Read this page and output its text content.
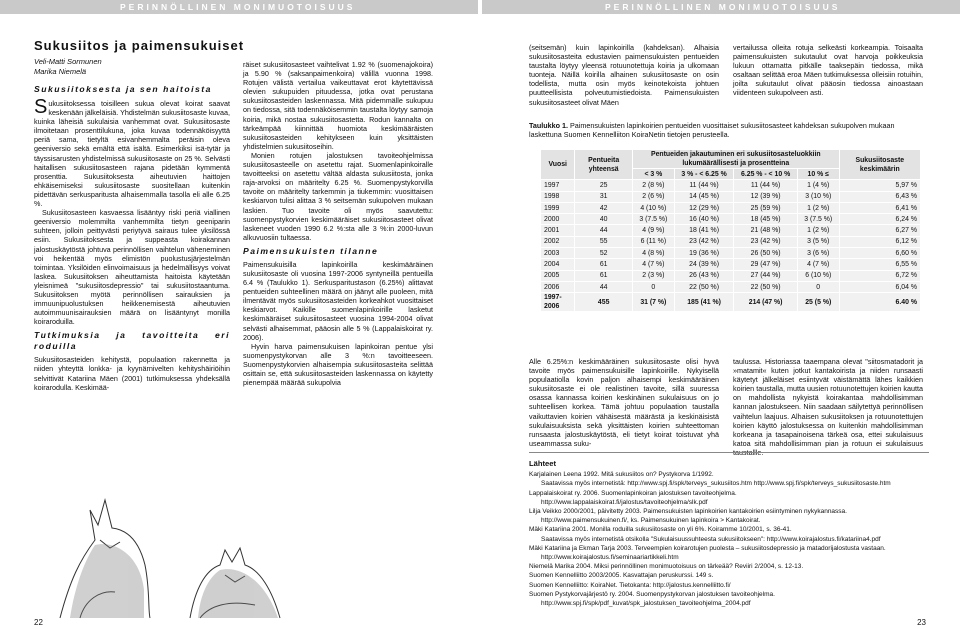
PERINNÖLLINEN MONIMUOTOISUUS	PERINNÖLLINEN MONIMUOTOISUUS
Sukusiitos ja paimensukuiset
Veli-Matti Sormunen
Marika Niemelä

Sukusiitoksesta ja sen haitoista

Sukusiitoksessa toisilleen sukua olevat koirat saavat keskenään jälkeläisiä. Yhdistelmän sukusiitosaste kuvaa, kuinka läheisiä sukulaisia vanhemmat ovat. Sukusiitosaste ilmoitetaan prosenttilukuna, joka kuvaa todennäköisyyttä periä sama, tietyltä esivanhemmalta peräisin oleva geeniversio sekä emältä että isältä. Esimerkiksi isä-tytär ja täyssisarusten yhdistelmissä sukusiitosaste on 25 %. Selvästi haitallisen sukusiitosasteen rajana pidetään kymmentä prosenttia. Sukusiitoksesta aiheutuvien haittojen ehkäisemiseksi sukusiitosaste suositellaan kuitenkin pidettävän serkusparitusta alhaisemmalla tasolla eli alle 6.25 %.

Sukusiitosasteen kasvaessa lisääntyy riski periä viallinen geeniversio molemmilta vanhemmilta tietyn geeniparin suhteen, jolloin peittyvästi periytyvä sairaus tulee yksilössä esiin. Sukusiitoksesta ja suppeasta koirakannan jalostuskäytöstä johtuva perinnöllisen vaihtelun väheneminen voi heikentää myös elimistön puolustusjärjestelmän toimintaa. Yksilöiden elinvoimaisuus ja hedelmällisyys voivat laskea. Sukusiitoksen aiheuttamista haitoista käytetään yleisnimeä "sukusiitosdepressio" tai sukusiitostaantuma. Sukusiitoksen myötä perinnöllisen sairauksien ja immuunipuolustuksen heikkenemisestä aiheutuvien autoimmuunisairauksien määrä on lisääntynyt monilla koiraroduilla.

Tutkimuksia ja tavoitteita eri roduilla

Sukusiitosasteiden kehitystä, populaation rakennetta ja niiden yhteyttä lonkka- ja kyynärnivelten kehityshäiriöihin selvittivät Katariina Mäen (2001) tutkimuksessa yhdeksällä koirarodulla. Keskimää-

räiset sukusiitosasteet vaihtelivat 1.92 % (suomenajokoira) ja 5.90 % (saksanpaimenkoira) välillä vuonna 1998. Rotujen välistä vertailua vaikeuttavat erot käytettävissä olevien sukupuiden pituudessa, jotka ovat perustana sukusiitosasteiden laskennassa. Mitä pidemmälle sukupuu on tiedossa, sitä todennäköisemmin taustalta löytyy samoja koiria, mikä nostaa sukusiitosastetta. Rodun kannalta on tärkeämpää kiinnittää huomiota keskimääräisten sukusiitosasteiden kehitykseen kuin yksittäisten yhdistelmien sukusiitoseihin.

Monien rotujen jalostuksen tavoiteohjelmissa sukusiitosasteelle on asetettu rajat. Suomenlapinkoiralle tavoitteeksi on asetettu vältää aldasta sukusiitosta, jonka raja-arvoksi on määritelty 6.25 %. Suomenpystykorvilla tavoite on määritelty tarkemmin ja tiukemmin: vuosittaisen keskiarvon tulisi alittaa 3 % seitsemän sukupolven mukaan laskien. Tuo tavoite oli myös saavutettu: suomenpystykorvien keskimääräiset sukusiitosasteet olivat laskeneet vuoden 1990 6.2 %:sta alle 3 %:in 2000-luvun alkuvuosiin tultaessa.

Paimensukuisten tilanne

Paimensukuisilla lapinkoirilla keskimääräinen sukusiitosaste oli vuosina 1997-2006 syntyneillä pentueilla 6.4 % (Taulukko 1). Serkusparitustason (6.25%) alittavat pentueiden suhteellinen määrä on jäänyt alle puoleen, mitä ilmentävät myös sukusiitosasteiden korkeahkot vuosittaiset keskiarvot. Kaikille suomenlapinkoirille lasketut keskimääräiset sukusiitosasteet vuosina 1994-2004 olivat selvästi alhaisemmat, pääosin alle 5 % (Lappalaiskoirat ry. 2006).

Hyvin harva paimensukuisen lapinkoiran pentue ylsi suomenpystykorvan alle 3 %:n tavoitteeseen. Suomenpystykorvien alhaisempia sukusiitosasteita selittää osittain se, että sukusiitosasteiden laskennassa on käytetty pienempää määrää sukupolvia

(seitsemän) kuin lapinkoirilla (kahdeksan). Alhaisia sukusiitosasteita edustavien paimensukuisten pentueiden taustalta löytyy yleensä rotuunotettuja koiria ja ulkomaan tuonteja. Näillä koirilla alhainen sukusiitosaste on osin todellista, mutta osin myös keinotekoista johtuen puutteellisista polveutumistiedoista. Paimensukuisten sukusiitosasteet olivat Mäen

vertailussa olleita rotuja selkeästi korkeampia. Toisaalta paimensukuisten sukutaulut ovat harvoja poikkeuksia lukuun ottamatta pitkälle taaksepäin tiedossa, mikä osaltaan selittää eroa Mäen tutkimuksessa olleisiin rotuihin, joilta sukutaulut olivat pääosin tiedossa ainoastaan viidenteen sukupolveen asti.

Taulukko 1. Paimensukuisten lapinkoirien pentueiden vuosittaiset sukusiitosasteet kahdeksan sukupolven mukaan laskettuna Suomen Kennelliiton KoiraNetin tietojen perusteella.
Vuosi	Pentueita yhteensä	Pentueiden jakautuminen eri sukusiitosasteluokkiin lukumäärällisesti ja prosentteina				Sukusiitosaste keskimäärin
		< 3 %	3 % - < 6.25 %	6.25 % - < 10 %	10 % ≤	
1997	25	2 (8 %)	11 (44 %)	11 (44 %)	1 (4 %)	5,97 %
1998	31	2 (6 %)	14 (45 %)	12 (39 %)	3 (10 %)	6,43 %
1999	42	4 (10 %)	12 (29 %)	25 (59 %)	1 (2 %)	6,41 %
2000	40	3 (7.5 %)	16 (40 %)	18 (45 %)	3 (7.5 %)	6,24 %
2001	44	4 (9 %)	18 (41 %)	21 (48 %)	1 (2 %)	6,27 %
2002	55	6 (11 %)	23 (42 %)	23 (42 %)	3 (5 %)	6,12 %
2003	52	4 (8 %)	19 (36 %)	26 (50 %)	3 (6 %)	6,60 %
2004	61	4 (7 %)	24 (39 %)	29 (47 %)	4 (7 %)	6,55 %
2005	61	2 (3 %)	26 (43 %)	27 (44 %)	6 (10 %)	6,72 %
2006	44	0	22 (50 %)	22 (50 %)	0	6,04 %
1997-2006	455	31 (7 %)	185 (41 %)	214 (47 %)	25 (5 %)	6.40 %

Alle 6.25%:n keskimääräinen sukusiitosaste olisi hyvä tavoite myös paimensukuisille lapinkoirille. Nykyisellä populaatiolla kovin paljon alhaisempi keskimääräinen sukusiitosaste ei ole realistinen tavoite, sillä suuressa osassa kannassa koirien keskinäinen sukulaisuus on jo suhteellisen korkea. Tämä johtuu populaation taustalla vaikuttavien koirien vähäisestä määrästä ja keskinäisistä sukulaisuuksista sekä yksittäisten koirien suhteettoman runsaasta jalostuskäytöstä, eli tietyt koirat toistuvat yhä useammassa suku-

taulussa. Historiassa taaempana olevat "siitosmatadorit ja »matamit« kuten jotkut kantakoirista ja niiden runsaasti käytetyt jälkeläiset esiintyvät väistämättä lähes kaikkien koirien taustalla, mutta uusien rotuunotettujen koirien kautta on mahdollista nykyistä koirakantaa mahdollisimman kannan jalostukseen. Niin saadaan säilytettyä perinnöllisen vaihtelun laajuus. Alhaisen sukusiitoksen ja rotuunotettujen koirien käyttö jalostuksessa on kuitenkin mahdollisimman korkeana ja tasapainoisena tärkeä osa, ettei sukulaisuus katoa sitä mahdollisimman pian ja rotuun ei sukulaisuus taustallle.

Lähteet
Karjalainen Leena 1992. Mitä sukusiitos on? Pystykorva 1/1992.
Saatavissa myös internetistä: http://www.spj.fi/spk/terveys_sukusiitos.htm http://www.spj.fi/spk/terveys_sukusiitosaste.htm
Lappalaiskoirat ry. 2006. Suomenlapinkoiran jalostuksen tavoiteohjelma.
http://www.lappalaiskoirat.fi/jalostus/tavoiteohjelma/slk.pdf
Lilja Veikko 2000/2001, päivitetty 2003. Paimensukuisten lapinkoirien kantakoirien esiintyminen nykykannassa.
http://www.paimensukuinen.fi/, ks. Paimensukuinen lapinkoira > Kantakoirat.
Mäki Katariina 2001. Monilla roduilla sukusiitosaste on yli 6%. Koiramme 10/2001, s. 36-41.
Saatavissa myös internetistä otsikolla "Sukulaisuussuhteesta sukusiitokseen": http://www.koirajalostus.fi/katariina4.pdf
Mäki Katariina ja Ekman Tarja 2003. Terveempien koirarotujen puolesta – sukusiitosdepressio ja matadorijalostusta vastaan.
http://www.koirajalostus.fi/seminaariartikkeli.htm
Niemelä Marika 2004. Miksi perinnöllinen monimuotoisuus on tärkeää? Reviiri 2/2004, s. 12-13.
Suomen Kennelliitto 2003/2005. Kasvattajan peruskurssi. 149 s.
Suomen Kennelliitto: KoiraNet. Tietokanta: http://jalostus.kennelliitto.fi/
Suomen Pystykorvajärjestö ry. 2004. Suomenpystykorvan jalostuksen tavoiteohjelma.
http://www.spj.fi/spk/pdf_kuvat/spk_jalostuksen_tavoiteohjelma_2004.pdf
22	23
